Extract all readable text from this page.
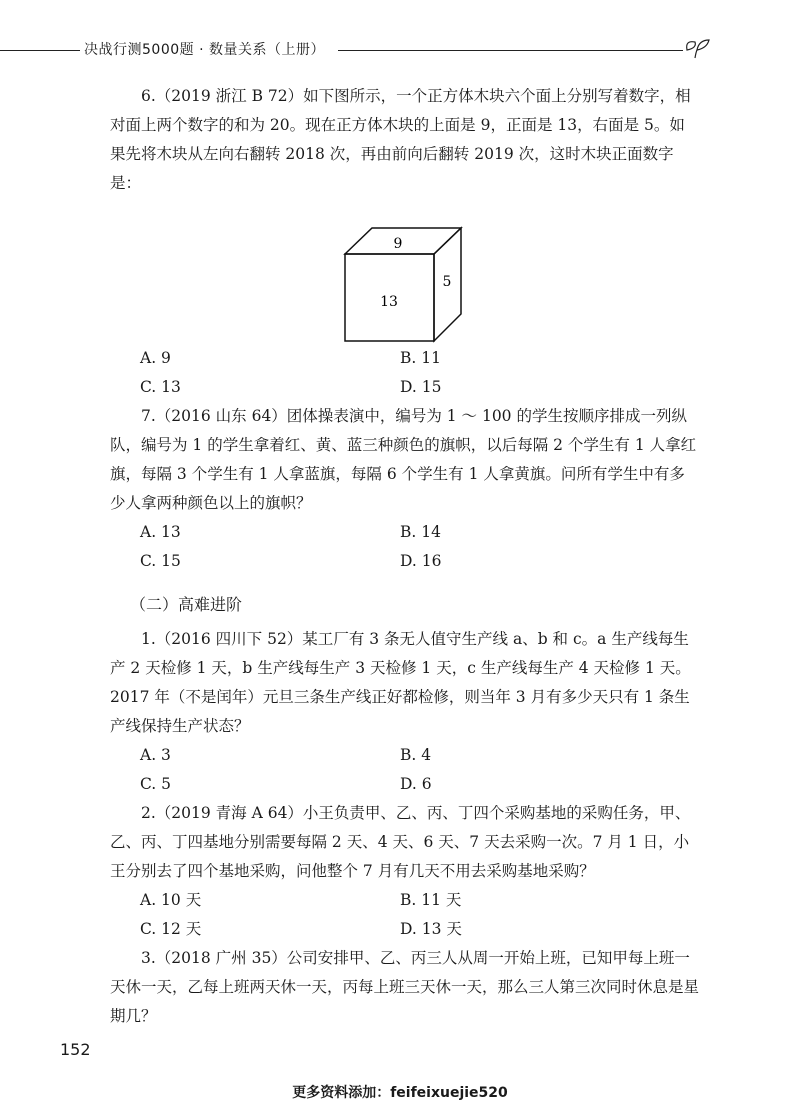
决战行测5000题 · 数量关系（上册）

6.（2019 浙江 B 72）如下图所示，一个正方体木块六个面上分别写着数字，相对面上两个数字的和为 20。现在正方体木块的上面是 9，正面是 13，右面是 5。如果先将木块从左向右翻转 2018 次，再由前向后翻转 2019 次，这时木块正面数字是：

9
13
5
A. 9	B. 11
C. 13	D. 15

7.（2016 山东 64）团体操表演中，编号为 1 ～ 100 的学生按顺序排成一列纵队，编号为 1 的学生拿着红、黄、蓝三种颜色的旗帜，以后每隔 2 个学生有 1 人拿红旗，每隔 3 个学生有 1 人拿蓝旗，每隔 6 个学生有 1 人拿黄旗。问所有学生中有多少人拿两种颜色以上的旗帜？

A. 13	B. 14
C. 15	D. 16
（二）高难进阶

1.（2016 四川下 52）某工厂有 3 条无人值守生产线 a、b 和 c。a 生产线每生产 2 天检修 1 天，b 生产线每生产 3 天检修 1 天，c 生产线每生产 4 天检修 1 天。2017 年（不是闰年）元旦三条生产线正好都检修，则当年 3 月有多少天只有 1 条生产线保持生产状态？

A. 3	B. 4
C. 5	D. 6

2.（2019 青海 A 64）小王负责甲、乙、丙、丁四个采购基地的采购任务，甲、乙、丙、丁四基地分别需要每隔 2 天、4 天、6 天、7 天去采购一次。7 月 1 日，小王分别去了四个基地采购，问他整个 7 月有几天不用去采购基地采购？

A. 10 天	B. 11 天
C. 12 天	D. 13 天

3.（2018 广州 35）公司安排甲、乙、丙三人从周一开始上班，已知甲每上班一天休一天，乙每上班两天休一天，丙每上班三天休一天，那么三人第三次同时休息是星期几？

152
更多资料添加：feifeixuejie520
